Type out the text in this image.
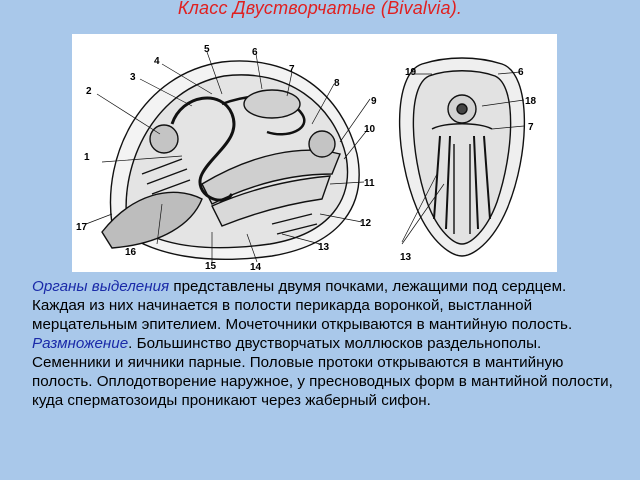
Класс Двустворчатые (Bivalvia).
1
2
3
4
5	6
7
8
9
10
11
12
13
14
15
16
17
19	6
18
7
13

Органы выделения представлены двумя почками, лежащими под сердцем. Каждая из них начинается в полости перикарда воронкой, выстланной мерцательным эпителием. Мочеточники открываются в мантийную полость.

Размножение. Большинство двустворчатых моллюсков раздельнополы. Семенники и яичники парные. Половые протоки открываются в мантийную полость. Оплодотворение наружное, у пресноводных форм в мантийной полости, куда сперматозоиды проникают через жаберный сифон.
